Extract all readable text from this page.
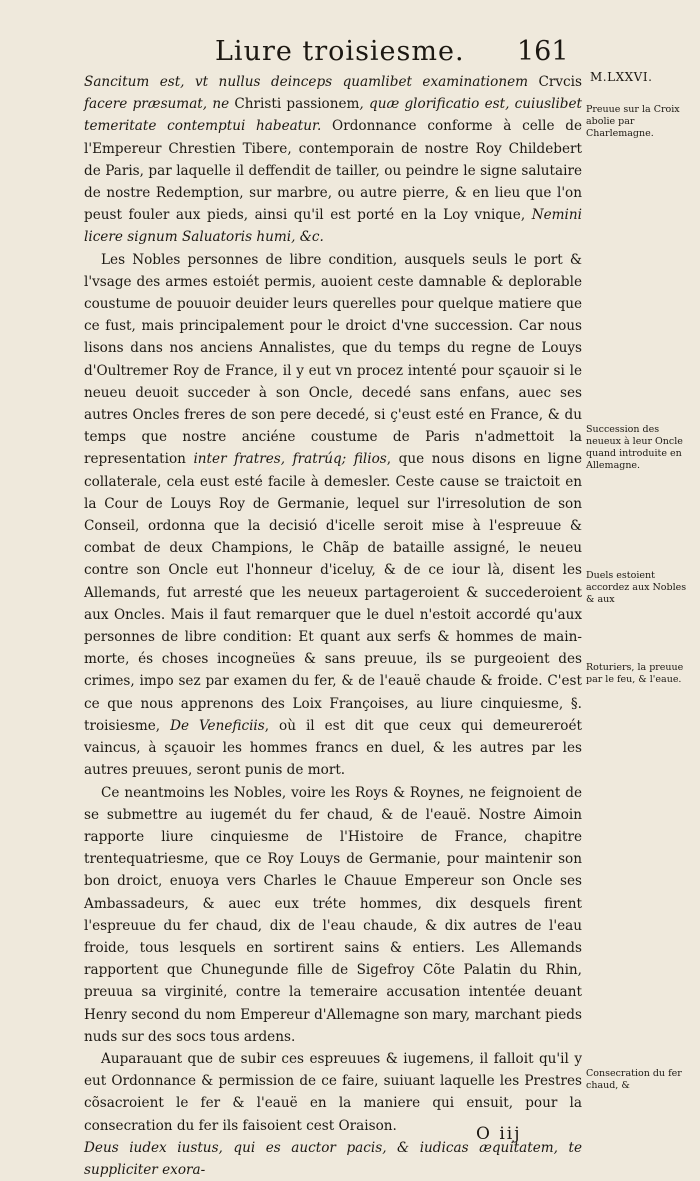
Liure troisiesme. 161
M.LXXVI.
Preuue sur la Croix abolie par Charlemagne.
Succession des neueux à leur Oncle quand introduite en Allemagne.
Duels estoient accordez aux Nobles & aux
Roturiers, la preuue par le feu, & l'eaue.
Consecration du fer chaud, &

Sancitum est, vt nullus deinceps quamlibet examinationem Crvcis facere præsumat, ne Christi passionem, quæ glorificatio est, cuiuslibet temeritate contemptui habeatur. Ordonnance conforme à celle de l'Empereur Chrestien Tibere, contemporain de nostre Roy Childebert de Paris, par laquelle il deffendit de tailler, ou peindre le signe salutaire de nostre Redemption, sur marbre, ou autre pierre, & en lieu que l'on peust fouler aux pieds, ainsi qu'il est porté en la Loy vnique, Nemini licere signum Saluatoris humi, &c.

Les Nobles personnes de libre condition, ausquels seuls le port & l'vsage des armes estoiét permis, auoient ceste damnable & deplorable coustume de pouuoir deuider leurs querelles pour quelque matiere que ce fust, mais principalement pour le droict d'vne succession. Car nous lisons dans nos anciens Annalistes, que du temps du regne de Louys d'Oultremer Roy de France, il y eut vn procez intenté pour sçauoir si le neueu deuoit succeder à son Oncle, decedé sans enfans, auec ses autres Oncles freres de son pere decedé, si ç'eust esté en France, & du temps que nostre anciéne coustume de Paris n'admettoit la representation inter fratres, fratrúq; filios, que nous disons en ligne collaterale, cela eust esté facile à demesler. Ceste cause se traictoit en la Cour de Louys Roy de Germanie, lequel sur l'irresolution de son Conseil, ordonna que la decisió d'icelle seroit mise à l'espreuue & combat de deux Champions, le Chãp de bataille assigné, le neueu contre son Oncle eut l'honneur d'iceluy, & de ce iour là, disent les Allemands, fut arresté que les neueux partageroient & succederoient aux Oncles. Mais il faut remarquer que le duel n'estoit accordé qu'aux personnes de libre condition: Et quant aux serfs & hommes de main-morte, és choses incogneües & sans preuue, ils se purgeoient des crimes, impo sez par examen du fer, & de l'eauë chaude & froide. C'est ce que nous apprenons des Loix Françoises, au liure cinquiesme, §. troisiesme, De Veneficiis, où il est dit que ceux qui demeureroét vaincus, à sçauoir les hommes francs en duel, & les autres par les autres preuues, seront punis de mort.

Ce neantmoins les Nobles, voire les Roys & Roynes, ne feignoient de se submettre au iugemét du fer chaud, & de l'eauë. Nostre Aimoin rapporte liure cinquiesme de l'Histoire de France, chapitre trentequatriesme, que ce Roy Louys de Germanie, pour maintenir son bon droict, enuoya vers Charles le Chauue Empereur son Oncle ses Ambassadeurs, & auec eux tréte hommes, dix desquels firent l'espreuue du fer chaud, dix de l'eau chaude, & dix autres de l'eau froide, tous lesquels en sortirent sains & entiers. Les Allemands rapportent que Chunegunde fille de Sigefroy Cõte Palatin du Rhin, preuua sa virginité, contre la temeraire accusation intentée deuant Henry second du nom Empereur d'Allemagne son mary, marchant pieds nuds sur des socs tous ardens.

Auparauant que de subir ces espreuues & iugemens, il falloit qu'il y eut Ordonnance & permission de ce faire, suiuant laquelle les Prestres cõsacroient le fer & l'eauë en la maniere qui ensuit, pour la consecration du fer ils faisoient cest Oraison.

Deus iudex iustus, qui es auctor pacis, & iudicas æquitatem, te suppliciter exora-

O iij
